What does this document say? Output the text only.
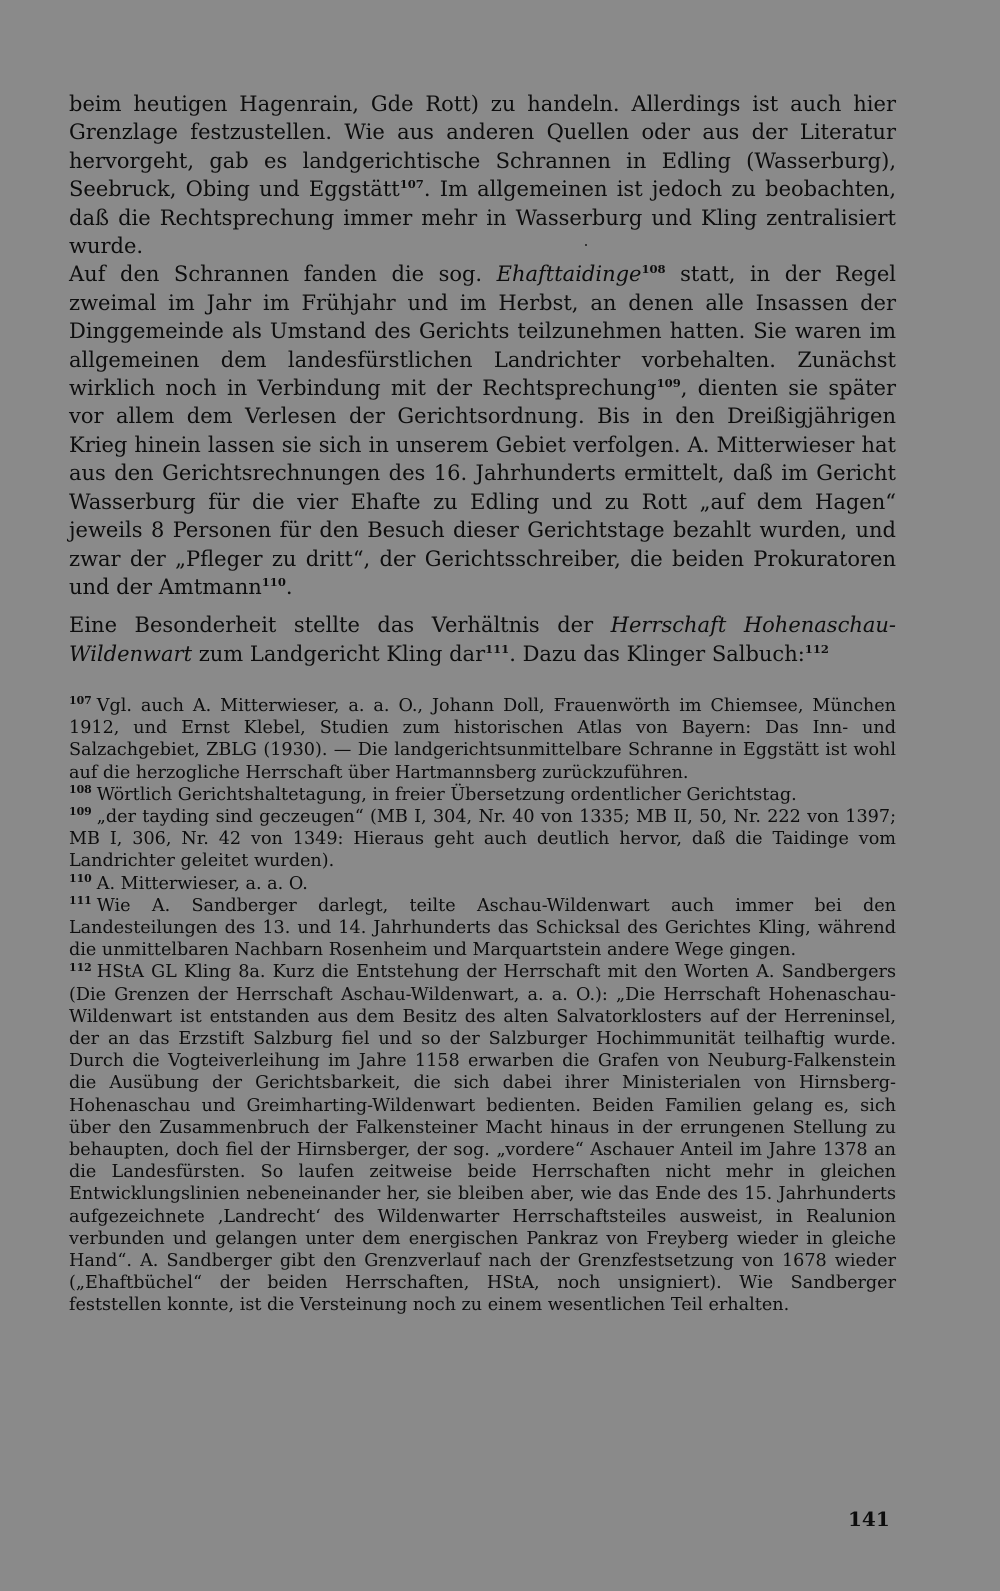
beim heutigen Hagenrain, Gde Rott) zu handeln. Allerdings ist auch hier Grenzlage festzustellen. Wie aus anderen Quellen oder aus der Literatur hervorgeht, gab es landgerichtische Schrannen in Edling (Wasserburg), Seebruck, Obing und Eggstätt$^{107}$. Im allgemeinen ist jedoch zu beobachten, daß die Rechtsprechung immer mehr in Wasserburg und Kling zentralisiert wurde.

Auf den Schrannen fanden die sog. Ehafttaidinge$^{108}$ statt, in der Regel zweimal im Jahr im Frühjahr und im Herbst, an denen alle Insassen der Dinggemeinde als Umstand des Gerichts teilzunehmen hatten. Sie waren im allgemeinen dem landesfürstlichen Landrichter vorbehalten. Zunächst wirklich noch in Verbindung mit der Rechtsprechung$^{109}$, dienten sie später vor allem dem Verlesen der Gerichtsordnung. Bis in den Dreißigjährigen Krieg hinein lassen sie sich in unserem Gebiet verfolgen. A. Mitterwieser hat aus den Gerichtsrechnungen des 16. Jahrhunderts ermittelt, daß im Gericht Wasserburg für die vier Ehafte zu Edling und zu Rott „auf dem Hagen“ jeweils 8 Personen für den Besuch dieser Gerichtstage bezahlt wurden, und zwar der „Pfleger zu dritt“, der Gerichtsschreiber, die beiden Prokuratoren und der Amtmann$^{110}$.

Eine Besonderheit stellte das Verhältnis der Herrschaft Hohenaschau-Wildenwart zum Landgericht Kling dar$^{111}$. Dazu das Klinger Salbuch:$^{112}$

$^{107}$ Vgl. auch A. Mitterwieser, a. a. O., Johann Doll, Frauenwörth im Chiemsee, München 1912, und Ernst Klebel, Studien zum historischen Atlas von Bayern: Das Inn- und Salzachgebiet, ZBLG (1930). — Die landgerichtsunmittelbare Schranne in Eggstätt ist wohl auf die herzogliche Herrschaft über Hartmannsberg zurückzuführen.

$^{108}$ Wörtlich Gerichtshaltetagung, in freier Übersetzung ordentlicher Gerichtstag.

$^{109}$ „der tayding sind geczeugen“ (MB I, 304, Nr. 40 von 1335; MB II, 50, Nr. 222 von 1397; MB I, 306, Nr. 42 von 1349: Hieraus geht auch deutlich hervor, daß die Taidinge vom Landrichter geleitet wurden).

$^{110}$ A. Mitterwieser, a. a. O.

$^{111}$ Wie A. Sandberger darlegt, teilte Aschau-Wildenwart auch immer bei den Landesteilungen des 13. und 14. Jahrhunderts das Schicksal des Gerichtes Kling, während die unmittelbaren Nachbarn Rosenheim und Marquartstein andere Wege gingen.

$^{112}$ HStA GL Kling 8a. Kurz die Entstehung der Herrschaft mit den Worten A. Sandbergers (Die Grenzen der Herrschaft Aschau-Wildenwart, a. a. O.): „Die Herrschaft Hohenaschau-Wildenwart ist entstanden aus dem Besitz des alten Salvatorklosters auf der Herreninsel, der an das Erzstift Salzburg fiel und so der Salzburger Hochimmunität teilhaftig wurde. Durch die Vogteiverleihung im Jahre 1158 erwarben die Grafen von Neuburg-Falkenstein die Ausübung der Gerichtsbarkeit, die sich dabei ihrer Ministerialen von Hirnsberg-Hohenaschau und Greimharting-Wildenwart bedienten. Beiden Familien gelang es, sich über den Zusammenbruch der Falkensteiner Macht hinaus in der errungenen Stellung zu behaupten, doch fiel der Hirnsberger, der sog. „vordere“ Aschauer Anteil im Jahre 1378 an die Landesfürsten. So laufen zeitweise beide Herrschaften nicht mehr in gleichen Entwicklungslinien nebeneinander her, sie bleiben aber, wie das Ende des 15. Jahrhunderts aufgezeichnete ‚Landrecht‘ des Wildenwarter Herrschaftsteiles ausweist, in Realunion verbunden und gelangen unter dem energischen Pankraz von Freyberg wieder in gleiche Hand“. A. Sandberger gibt den Grenzverlauf nach der Grenzfestsetzung von 1678 wieder („Ehaftbüchel“ der beiden Herrschaften, HStA, noch unsigniert). Wie Sandberger feststellen konnte, ist die Versteinung noch zu einem wesentlichen Teil erhalten.

141
